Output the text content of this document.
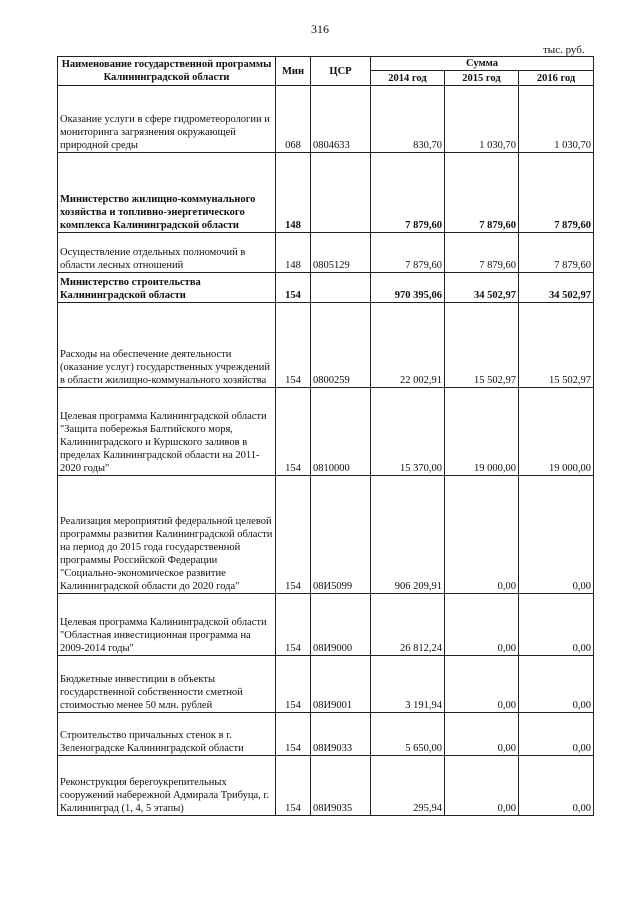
316
тыс. руб.
Наименование государственной программы Калининградской области	Мин	ЦСР	Сумма		
			2014 год	2015 год	2016 год
Оказание услуги в сфере гидрометеорологии и мониторинга загрязнения окружающей природной среды	068	0804633	830,70	1 030,70	1 030,70
Министерство жилищно-коммунального хозяйства и топливно-энергетического комплекса Калининградской области	148		7 879,60	7 879,60	7 879,60
Осуществление отдельных полномочий в области лесных отношений	148	0805129	7 879,60	7 879,60	7 879,60
Министерство строительства Калининградской области	154		970 395,06	34 502,97	34 502,97
Расходы на обеспечение деятельности (оказание услуг) государственных учреждений в области жилищно-коммунального хозяйства	154	0800259	22 002,91	15 502,97	15 502,97
Целевая программа Калининградской области "Защита побережья Балтийского моря, Калининградского и Куршского заливов в пределах Калининградской области на 2011-2020 годы"	154	0810000	15 370,00	19 000,00	19 000,00
Реализация мероприятий федеральной целевой программы развития Калининградской области на период до 2015 года государственной программы Российской Федерации "Социально-экономическое развитие Калининградской области до 2020 года"	154	08И5099	906 209,91	0,00	0,00
Целевая программа Калининградской области "Областная инвестиционная программа на 2009-2014 годы"	154	08И9000	26 812,24	0,00	0,00
Бюджетные инвестиции в объекты государственной собственности сметной стоимостью менее 50 млн. рублей	154	08И9001	3 191,94	0,00	0,00
Строительство причальных стенок в г. Зеленоградске Калининградской области	154	08И9033	5 650,00	0,00	0,00
Реконструкция берегоукрепительных сооружений набережной Адмирала Трибуца, г. Калининград (1, 4, 5 этапы)	154	08И9035	295,94	0,00	0,00
